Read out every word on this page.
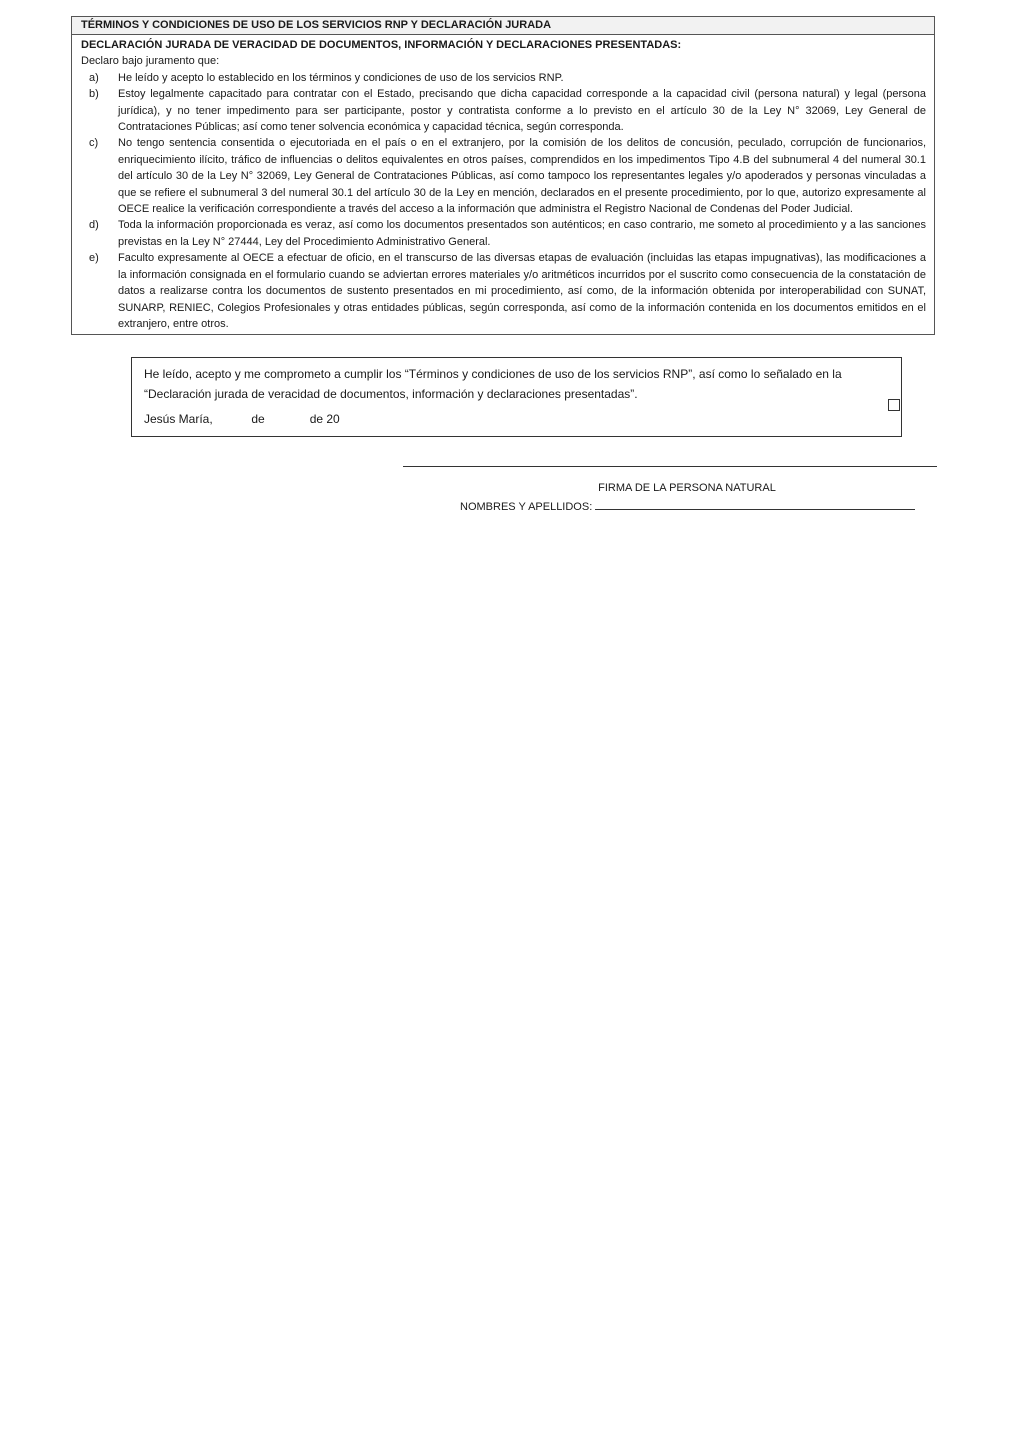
TÉRMINOS Y CONDICIONES DE USO DE LOS SERVICIOS RNP Y DECLARACIÓN JURADA
DECLARACIÓN JURADA DE VERACIDAD DE DOCUMENTOS, INFORMACIÓN Y DECLARACIONES PRESENTADAS:
Declaro bajo juramento que:
a)	He leído y acepto lo establecido en los términos y condiciones de uso de los servicios RNP.
b)	Estoy legalmente capacitado para contratar con el Estado, precisando que dicha capacidad corresponde a la capacidad civil (persona natural) y legal (persona jurídica), y no tener impedimento para ser participante, postor y contratista conforme a lo previsto en el artículo 30 de la Ley N° 32069, Ley General de Contrataciones Públicas; así como tener solvencia económica y capacidad técnica, según corresponda.
c)	No tengo sentencia consentida o ejecutoriada en el país o en el extranjero, por la comisión de los delitos de concusión, peculado, corrupción de funcionarios, enriquecimiento ilícito, tráfico de influencias o delitos equivalentes en otros países, comprendidos en los impedimentos Tipo 4.B del subnumeral 4 del numeral 30.1 del artículo 30 de la Ley N° 32069, Ley General de Contrataciones Públicas, así como tampoco los representantes legales y/o apoderados y personas vinculadas a que se refiere el subnumeral 3 del numeral 30.1 del artículo 30 de la Ley en mención, declarados en el presente procedimiento, por lo que, autorizo expresamente al OECE realice la verificación correspondiente a través del acceso a la información que administra el Registro Nacional de Condenas del Poder Judicial.
d)	Toda la información proporcionada es veraz, así como los documentos presentados son auténticos; en caso contrario, me someto al procedimiento y a las sanciones previstas en la Ley N° 27444, Ley del Procedimiento Administrativo General.
e)	Faculto expresamente al OECE a efectuar de oficio, en el transcurso de las diversas etapas de evaluación (incluidas las etapas impugnativas), las modificaciones a la información consignada en el formulario cuando se adviertan errores materiales y/o aritméticos incurridos por el suscrito como consecuencia de la constatación de datos a realizarse contra los documentos de sustento presentados en mi procedimiento, así como, de la información obtenida por interoperabilidad con SUNAT, SUNARP, RENIEC, Colegios Profesionales y otras entidades públicas, según corresponda, así como de la información contenida en los documentos emitidos en el extranjero, entre otros.
He leído, acepto y me comprometo a cumplir los “Términos y condiciones de uso de los servicios RNP”, así como lo señalado en la “Declaración jurada de veracidad de documentos, información y declaraciones presentadas”.
Jesús María,	de	de 20
FIRMA DE LA PERSONA NATURAL
NOMBRES Y APELLIDOS:
